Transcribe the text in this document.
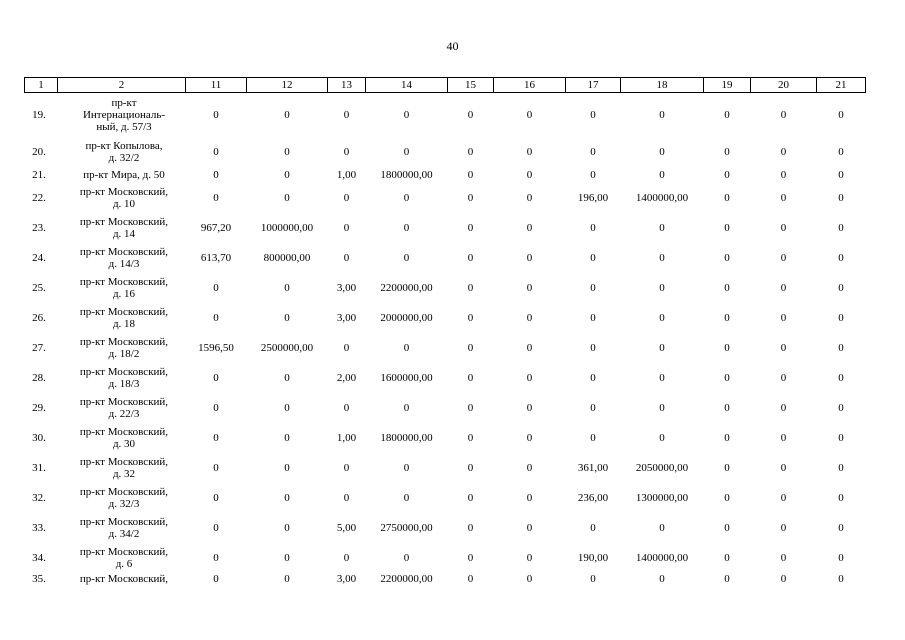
40
1	2	11	12	13	14	15	16	17	18	19	20	21
19.	пр-кт
Интернациональ-
ный, д. 57/3	0	0	0	0	0	0	0	0	0	0	0
20.	пр-кт Копылова,
д. 32/2	0	0	0	0	0	0	0	0	0	0	0
21.	пр-кт Мира, д. 50	0	0	1,00	1800000,00	0	0	0	0	0	0	0
22.	пр-кт Московский,
д. 10	0	0	0	0	0	0	196,00	1400000,00	0	0	0
23.	пр-кт Московский,
д. 14	967,20	1000000,00	0	0	0	0	0	0	0	0	0
24.	пр-кт Московский,
д. 14/3	613,70	800000,00	0	0	0	0	0	0	0	0	0
25.	пр-кт Московский,
д. 16	0	0	3,00	2200000,00	0	0	0	0	0	0	0
26.	пр-кт Московский,
д. 18	0	0	3,00	2000000,00	0	0	0	0	0	0	0
27.	пр-кт Московский,
д. 18/2	1596,50	2500000,00	0	0	0	0	0	0	0	0	0
28.	пр-кт Московский,
д. 18/3	0	0	2,00	1600000,00	0	0	0	0	0	0	0
29.	пр-кт Московский,
д. 22/3	0	0	0	0	0	0	0	0	0	0	0
30.	пр-кт Московский,
д. 30	0	0	1,00	1800000,00	0	0	0	0	0	0	0
31.	пр-кт Московский,
д. 32	0	0	0	0	0	0	361,00	2050000,00	0	0	0
32.	пр-кт Московский,
д. 32/3	0	0	0	0	0	0	236,00	1300000,00	0	0	0
33.	пр-кт Московский,
д. 34/2	0	0	5,00	2750000,00	0	0	0	0	0	0	0
34.	пр-кт Московский,
д. 6	0	0	0	0	0	0	190,00	1400000,00	0	0	0
35.	пр-кт Московский,	0	0	3,00	2200000,00	0	0	0	0	0	0	0
